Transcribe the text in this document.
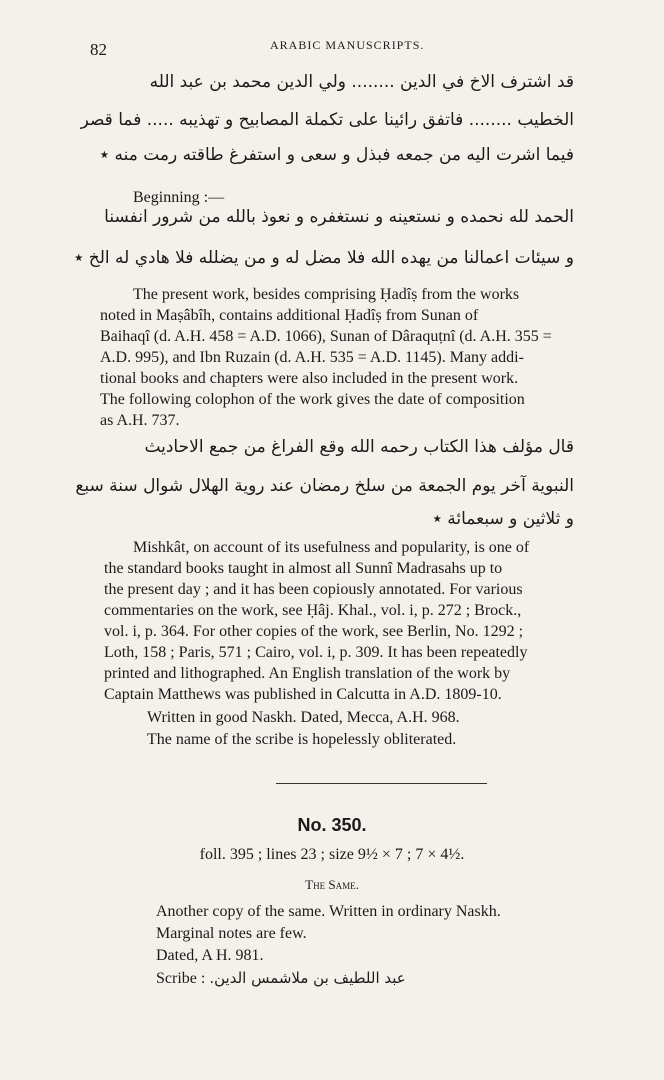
82	ARABIC MANUSCRIPTS.
قد اشترف الاخ في الدين ........ ولي الدين محمد بن عبد الله
الخطيب ........ فاتفق رائينا على تكملة المصابيح و تهذيبه ..... فما قصر
فيما اشرت اليه من جمعه فبذل و سعى و استفرغ طاقته رمت منه ٭
Beginning :—
الحمد لله نحمده و نستعينه و نستغفره و نعوذ بالله من شرور انفسنا
و سيئات اعمالنا من يهده الله فلا مضل له و من يضلله فلا هادي له الخ ٭
The present work, besides comprising Ḥadîṣ from the works
noted in Maṣâbîh, contains additional Ḥadîṣ from Sunan of
Baihaqî (d. A.H. 458 = A.D. 1066), Sunan of Dâraquṭnî (d. A.H. 355 =
A.D. 995), and Ibn Ruzain (d. A.H. 535 = A.D. 1145). Many addi-
tional books and chapters were also included in the present work.
The following colophon of the work gives the date of composition
as A.H. 737.
قال مؤلف هذا الكتاب رحمه الله وقع الفراغ من جمع الاحاديث
النبوية آخر يوم الجمعة من سلخ رمضان عند روية الهلال شوال سنة سبع
و ثلاثين و سبعمائة ٭
Mishkât, on account of its usefulness and popularity, is one of
the standard books taught in almost all Sunnî Madrasahs up to
the present day ; and it has been copiously annotated. For various
commentaries on the work, see Ḥâj. Khal., vol. i, p. 272 ; Brock.,
vol. i, p. 364. For other copies of the work, see Berlin, No. 1292 ;
Loth, 158 ; Paris, 571 ; Cairo, vol. i, p. 309. It has been repeatedly
printed and lithographed. An English translation of the work by
Captain Matthews was published in Calcutta in A.D. 1809-10.
Written in good Naskh. Dated, Mecca, A.H. 968.
The name of the scribe is hopelessly obliterated.
No. 350.
foll. 395 ; lines 23 ; size 9½ × 7 ; 7 × 4½.
The Same.
Another copy of the same. Written in ordinary Naskh.
Marginal notes are few.
Dated, A H. 981.
Scribe : عبد اللطيف بن ملاشمس الدين.
